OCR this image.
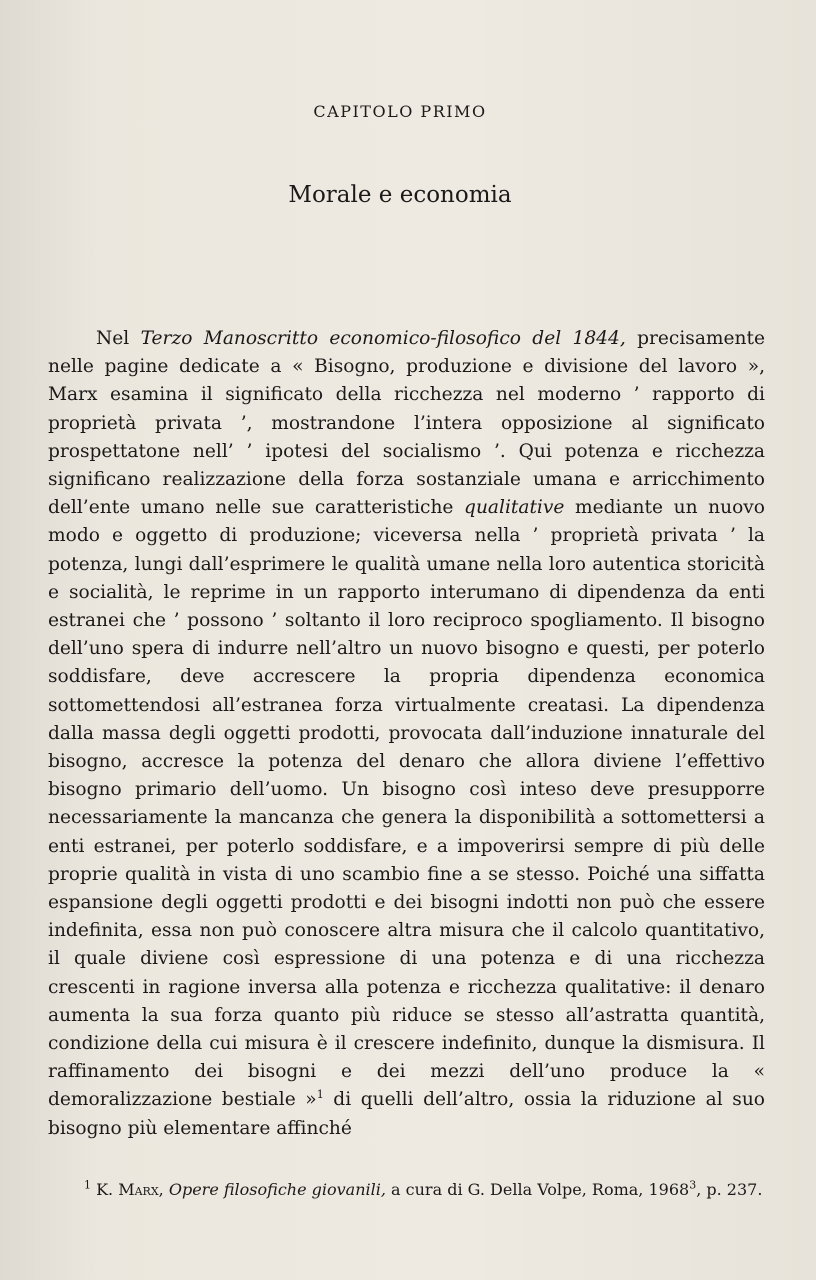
CAPITOLO PRIMO
Morale e economia

Nel Terzo Manoscritto economico-filosofico del 1844, precisamente nelle pagine dedicate a « Bisogno, produzione e divisione del lavoro », Marx esamina il significato della ricchezza nel moderno ’ rapporto di proprietà privata ’, mostrandone l’intera opposizione al significato prospettatone nell’ ’ ipotesi del socialismo ’. Qui potenza e ricchezza significano realizzazione della forza sostanziale umana e arricchimento dell’ente umano nelle sue caratteristiche qualitative mediante un nuovo modo e oggetto di produzione; viceversa nella ’ proprietà privata ’ la potenza, lungi dall’esprimere le qualità umane nella loro autentica storicità e socialità, le reprime in un rapporto interumano di dipendenza da enti estranei che ’ possono ’ soltanto il loro reciproco spogliamento. Il bisogno dell’uno spera di indurre nell’altro un nuovo bisogno e questi, per poterlo soddisfare, deve accrescere la propria dipendenza economica sottomettendosi all’estranea forza virtualmente creatasi. La dipendenza dalla massa degli oggetti prodotti, provocata dall’induzione innaturale del bisogno, accresce la potenza del denaro che allora diviene l’effettivo bisogno primario dell’uomo. Un bisogno così inteso deve presupporre necessariamente la mancanza che genera la disponibilità a sottomettersi a enti estranei, per poterlo soddisfare, e a impoverirsi sempre di più delle proprie qualità in vista di uno scambio fine a se stesso. Poiché una siffatta espansione degli oggetti prodotti e dei bisogni indotti non può che essere indefinita, essa non può conoscere altra misura che il calcolo quantitativo, il quale diviene così espressione di una potenza e di una ricchezza crescenti in ragione inversa alla potenza e ricchezza qualitative: il denaro aumenta la sua forza quanto più riduce se stesso all’astratta quantità, condizione della cui misura è il crescere indefinito, dunque la dismisura. Il raffinamento dei bisogni e dei mezzi dell’uno produce la « demoralizzazione bestiale »$^1$ di quelli dell’altro, ossia la riduzione al suo bisogno più elementare affinché

$^1$ K. Marx, Opere filosofiche giovanili, a cura di G. Della Volpe, Roma, 1968$^3$, p. 237.
